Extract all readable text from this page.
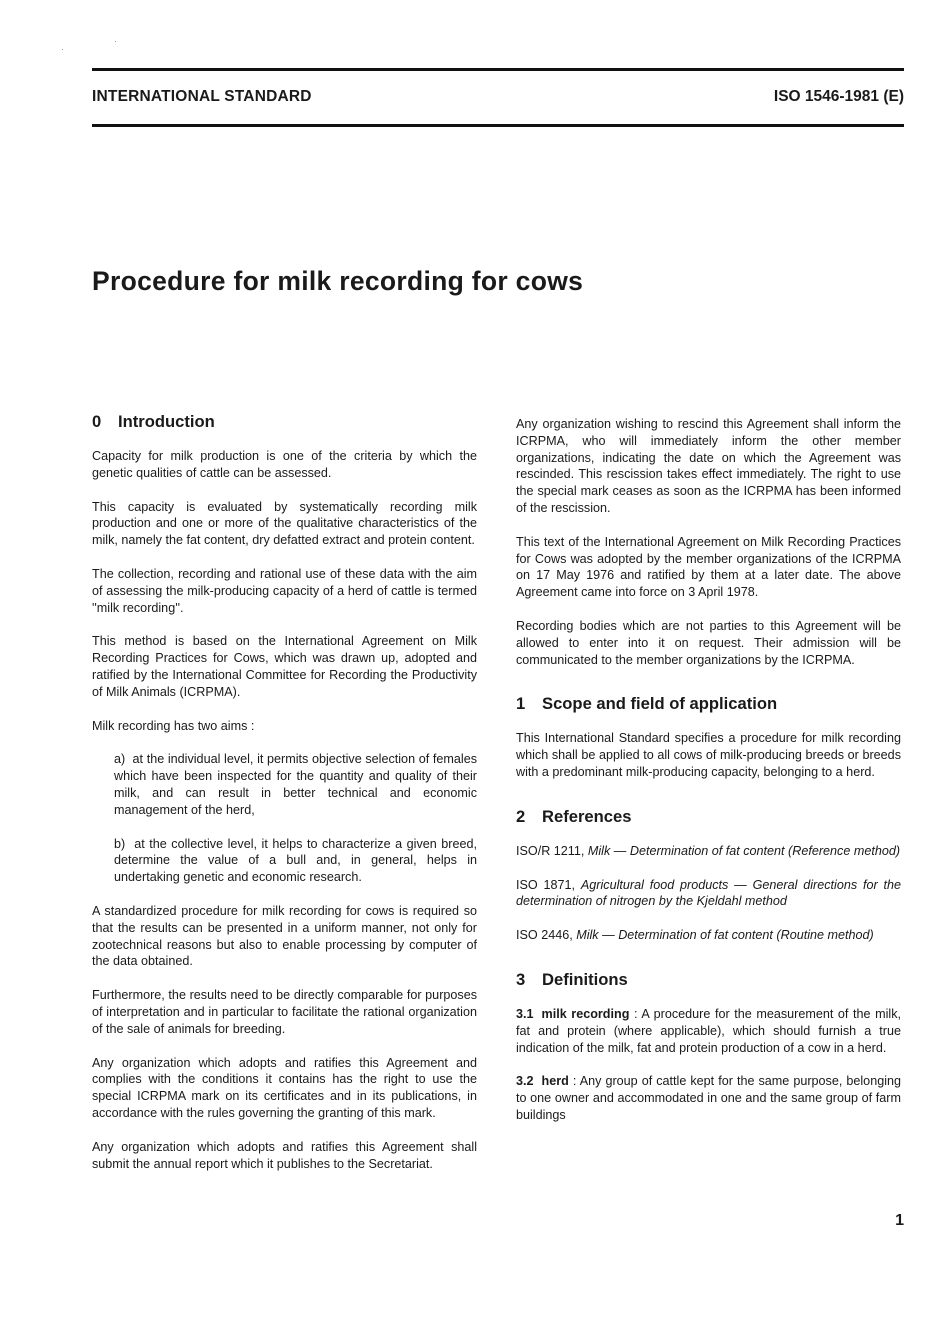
INTERNATIONAL STANDARD	ISO 1546-1981 (E)
Procedure for milk recording for cows
0 Introduction

Capacity for milk production is one of the criteria by which the genetic qualities of cattle can be assessed.

This capacity is evaluated by systematically recording milk production and one or more of the qualitative characteristics of the milk, namely the fat content, dry defatted extract and protein content.

The collection, recording and rational use of these data with the aim of assessing the milk-producing capacity of a herd of cattle is termed ''milk recording''.

This method is based on the International Agreement on Milk Recording Practices for Cows, which was drawn up, adopted and ratified by the International Committee for Recording the Productivity of Milk Animals (ICRPMA).

Milk recording has two aims :

a) at the individual level, it permits objective selection of females which have been inspected for the quantity and quality of their milk, and can result in better technical and economic management of the herd,

b) at the collective level, it helps to characterize a given breed, determine the value of a bull and, in general, helps in undertaking genetic and economic research.

A standardized procedure for milk recording for cows is required so that the results can be presented in a uniform manner, not only for zootechnical reasons but also to enable processing by computer of the data obtained.

Furthermore, the results need to be directly comparable for purposes of interpretation and in particular to facilitate the rational organization of the sale of animals for breeding.

Any organization which adopts and ratifies this Agreement and complies with the conditions it contains has the right to use the special ICRPMA mark on its certificates and in its publications, in accordance with the rules governing the granting of this mark.

Any organization which adopts and ratifies this Agreement shall submit the annual report which it publishes to the Secretariat.

Any organization wishing to rescind this Agreement shall inform the ICRPMA, who will immediately inform the other member organizations, indicating the date on which the Agreement was rescinded. This rescission takes effect immediately. The right to use the special mark ceases as soon as the ICRPMA has been informed of the rescission.

This text of the International Agreement on Milk Recording Practices for Cows was adopted by the member organizations of the ICRPMA on 17 May 1976 and ratified by them at a later date. The above Agreement came into force on 3 April 1978.

Recording bodies which are not parties to this Agreement will be allowed to enter into it on request. Their admission will be communicated to the member organizations by the ICRPMA.

1 Scope and field of application

This International Standard specifies a procedure for milk recording which shall be applied to all cows of milk-producing breeds or breeds with a predominant milk-producing capacity, belonging to a herd.

2 References

ISO/R 1211, Milk — Determination of fat content (Reference method)

ISO 1871, Agricultural food products — General directions for the determination of nitrogen by the Kjeldahl method

ISO 2446, Milk — Determination of fat content (Routine method)

3 Definitions

3.1 milk recording : A procedure for the measurement of the milk, fat and protein (where applicable), which should furnish a true indication of the milk, fat and protein production of a cow in a herd.

3.2 herd : Any group of cattle kept for the same purpose, belonging to one owner and accommodated in one and the same group of farm buildings

1
